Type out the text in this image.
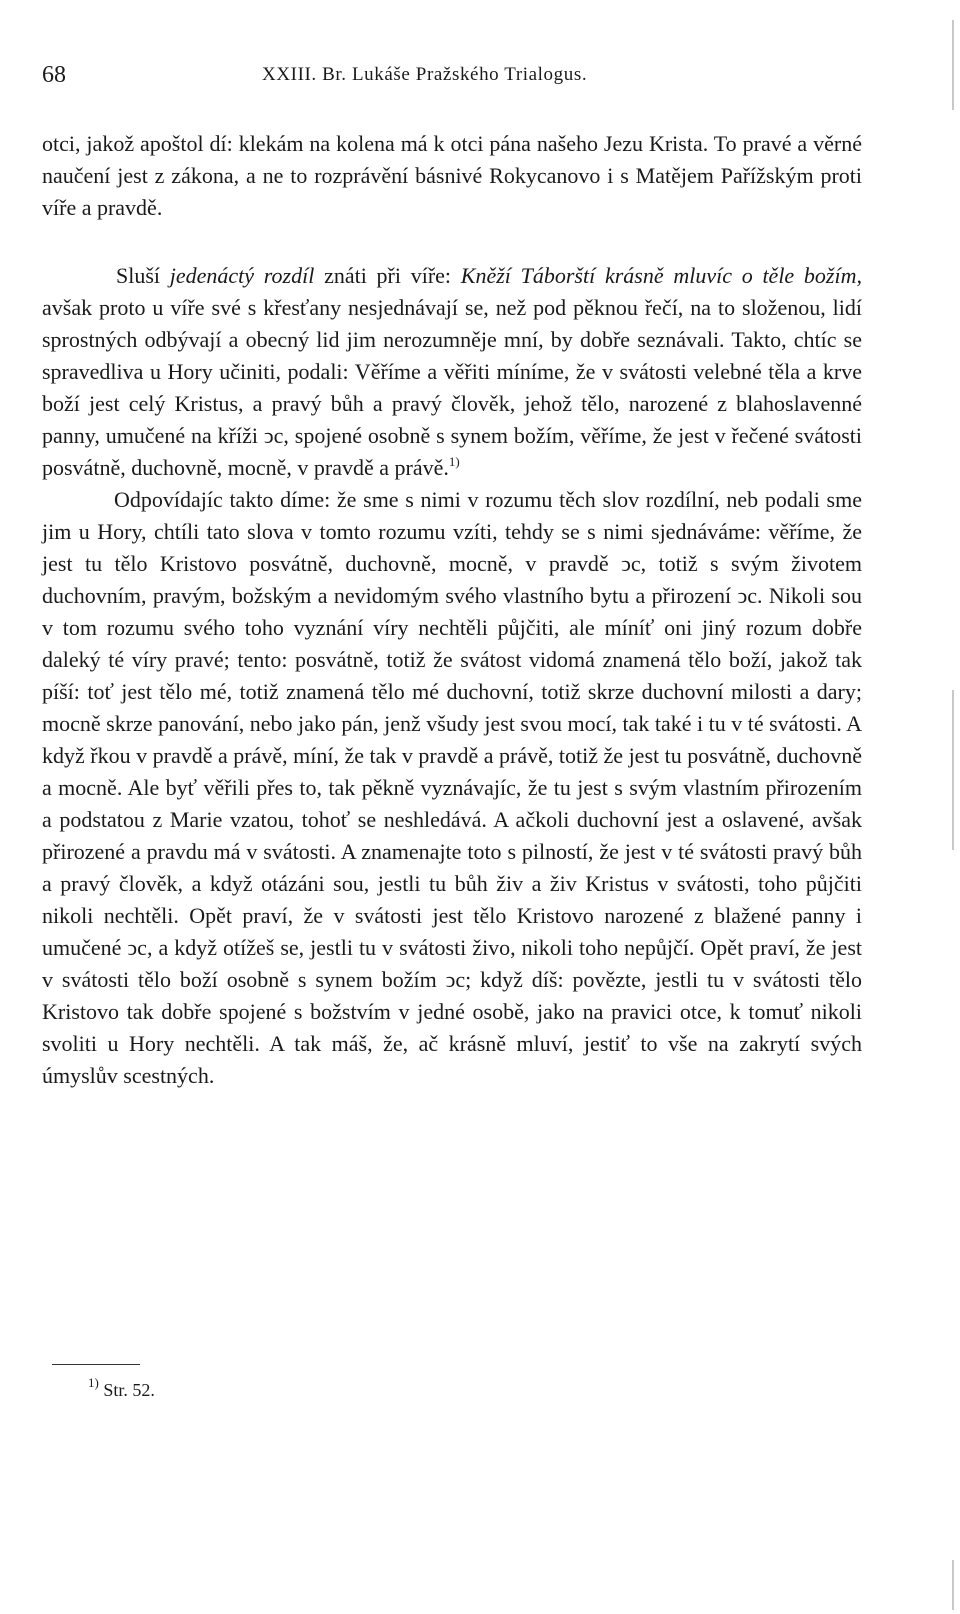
68	XXIII. Br. Lukáše Pražského Trialogus.

otci, jakož apoštol dí: klekám na kolena má k otci pána našeho Jezu Krista. To pravé a věrné naučení jest z zákona, a ne to rozprávění básnivé Rokycanovo i s Matějem Pařížským proti víře a pravdě.

Sluší jedenáctý rozdíl znáti při víře: Kněží Táborští krásně mluvíc o těle božím, avšak proto u víře své s křesťany nesjednávají se, než pod pěknou řečí, na to složenou, lidí sprostných odbývají a obecný lid jim nerozumněje mní, by dobře seznávali. Takto, chtíc se spravedliva u Hory učiniti, podali: Věříme a věřiti míníme, že v svátosti velebné těla a krve boží jest celý Kristus, a pravý bůh a pravý člověk, jehož tělo, narozené z blahoslavenné panny, umučené na kříži ↄc, spojené osobně s synem božím, věříme, že jest v řečené svátosti posvátně, duchovně, mocně, v pravdě a právě.$^{1)}$

Odpovídajíc takto díme: že sme s nimi v rozumu těch slov rozdílní, neb podali sme jim u Hory, chtíli tato slova v tomto rozumu vzíti, tehdy se s nimi sjednáváme: věříme, že jest tu tělo Kristovo posvátně, duchovně, mocně, v pravdě ↄc, totiž s svým životem duchovním, pravým, božským a nevidomým svého vlastního bytu a přirození ↄc. Nikoli sou v tom rozumu svého toho vyznání víry nechtěli půjčiti, ale míníť oni jiný rozum dobře daleký té víry pravé; tento: posvátně, totiž že svátost vidomá znamená tělo boží, jakož tak píší: toť jest tělo mé, totiž znamená tělo mé duchovní, totiž skrze duchovní milosti a dary; mocně skrze panování, nebo jako pán, jenž všudy jest svou mocí, tak také i tu v té svátosti. A když řkou v pravdě a právě, míní, že tak v pravdě a právě, totiž že jest tu posvátně, duchovně a mocně. Ale byť věřili přes to, tak pěkně vyznávajíc, že tu jest s svým vlastním přirozením a podstatou z Marie vzatou, tohoť se neshledává. A ačkoli duchovní jest a oslavené, avšak přirozené a pravdu má v svátosti. A znamenajte toto s pilností, že jest v té svátosti pravý bůh a pravý člověk, a když otázáni sou, jestli tu bůh živ a živ Kristus v svátosti, toho půjčiti nikoli nechtěli. Opět praví, že v svátosti jest tělo Kristovo narozené z blažené panny i umučené ↄc, a když otížeš se, jestli tu v svátosti živo, nikoli toho nepůjčí. Opět praví, že jest v svátosti tělo boží osobně s synem božím ↄc; když díš: povězte, jestli tu v svátosti tělo Kristovo tak dobře spojené s božstvím v jedné osobě, jako na pravici otce, k tomuť nikoli svoliti u Hory nechtěli. A tak máš, že, ač krásně mluví, jestiť to vše na zakrytí svých úmyslův scestných.

$^{1)}$ Str. 52.
